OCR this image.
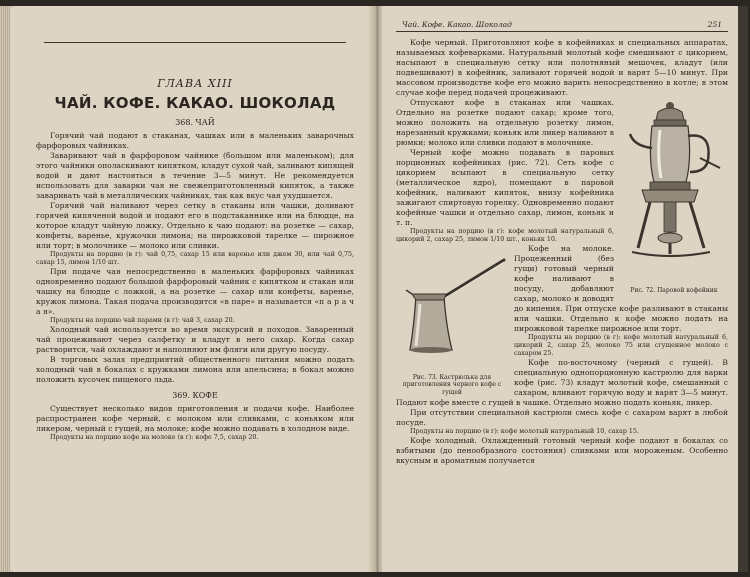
ГЛАВА XIII
ЧАЙ. КОФЕ. КАКАО. ШОКОЛАД
368. ЧАЙ

Горячий чай подают в стаканах, чашках или в маленьких заварочных фарфоровых чайниках.

Заваривают чай в фарфоровом чайнике (большом или маленьком); для этого чайники ополаскивают кипятком, кладут сухой чай, заливают кипящей водой и дают настояться в течение 3—5 минут. Не рекомендуется использовать для заварки чая не свежеприготовленный кипяток, а также заваривать чай в металлических чайниках, так как вкус чая ухудшается.

Горячий чай наливают через сетку в стаканы или чашки, доливают горячей кипяченой водой и подают его в подстаканнике или на блюдце, на которое кладут чайную ложку. Отдельно к чаю подают: на розетке — сахар, конфеты, варенье, кружочки лимона; на пирожковой тарелке — пирожное или торт; в молочнике — молоко или сливки.

Продукты на порцию (в г): чай 0,75, сахар 15 или варенье или джем 30, или чай 0,75, сахар 15, лимон 1/10 шт.

При подаче чая непосредственно в маленьких фарфоровых чайниках одновременно подают большой фарфоровый чайник с кипятком и стакан или чашку на блюдце с ложкой, а на розетке — сахар или конфеты, варенье, кружок лимона. Такая подача производится «в паре» и называется «п а р а ч а я».

Продукты на порцию чай парами (в г): чай 3, сахар 20.

Холодный чай используется во время экскурсий и походов. Заваренный чай процеживают через салфетку и кладут в него сахар. Когда сахар растворится, чай охлаждают и наполняют им фляги или другую посуду.

В торговых залах предприятий общественного питания можно подать холодный чай в бокалах с кружками лимона или апельсина; в бокал можно положить кусочек пищевого льда.

369. КОФЕ

Существует несколько видов приготовления и подачи кофе. Наиболее распространен кофе черный, с молоком или сливками, с коньяком или ликером, черный с гущей, на молоке; кофе можно подавать в холодном виде.

Продукты на порцию кофе на молоке (в г): кофе 7,5, сахар 20.

Чай. Кофе. Какао. Шоколад	251

Кофе черный. Приготовляют кофе в кофейниках и специальных аппаратах, называемых кофеварками. Натуральный молотый кофе смешивают с цикорием, насыпают в специальную сетку или полотняный мешочек, кладут (или подвешивают) в кофейник, заливают горячей водой и варят 5—10 минут. При массовом производстве кофе его можно варить непосредственно в котле; в этом случае кофе перед подачей процеживают.

Рис. 72. Паровой кофейник

Отпускают кофе в стаканах или чашках. Отдельно на розетке подают сахар; кроме того, можно положить на отдельную розетку лимон, нарезанный кружками; коньяк или ликер наливают в рюмки; молоко или сливки подают в молочнике.

Черный кофе можно подавать в паровых порционных кофейниках (рис. 72). Сеть кофе с цикорием всыпают в специальную сетку (металлическое ядро), помещают в паровой кофейник, наливают кипяток, внизу кофейника зажигают спиртовую горелку. Одновременно подают кофейные чашки и отдельно сахар, лимон, коньяк и т. п.

Продукты на порцию (в г): кофе молотый натуральный 6, цикорий 2, сахар 25, лимон 1/10 шт., коньяк 10.

Рис. 73. Кастрюлька для приготовления черного кофе с гущей

Кофе на молоке. Процеженный (без гущи) готовый черный кофе наливают в посуду, добавляют сахар, молоко и доводят до кипения. При отпуске кофе разливают в стаканы или чашки. Отдельно к кофе можно подать на пирожковой тарелке пирожное или торт.

Продукты на порцию (в г): кофе молотый натуральный 6, цикорий 2, сахар 25, молоко 75 или сгущенное молоко с сахаром 25.

Кофе по-восточному (черный с гущей). В специальную однопорционную кастрюлю для варки кофе (рис. 73) кладут молотый кофе, смешанный с сахаром, вливают горячую воду и варят 3—5 минут. Подают кофе вместе с гущей в чашке. Отдельно можно подать коньяк, ликер.

При отсутствии специальной кастрюли смесь кофе с сахаром варят в любой посуде.

Продукты на порцию (в г): кофе молотый натуральный 10, сахар 15.

Кофе холодный. Охлажденный готовый черный кофе подают в бокалах со взбитыми (до пенообразного состояния) сливками или мороженым. Особенно вкусным и ароматным получается
